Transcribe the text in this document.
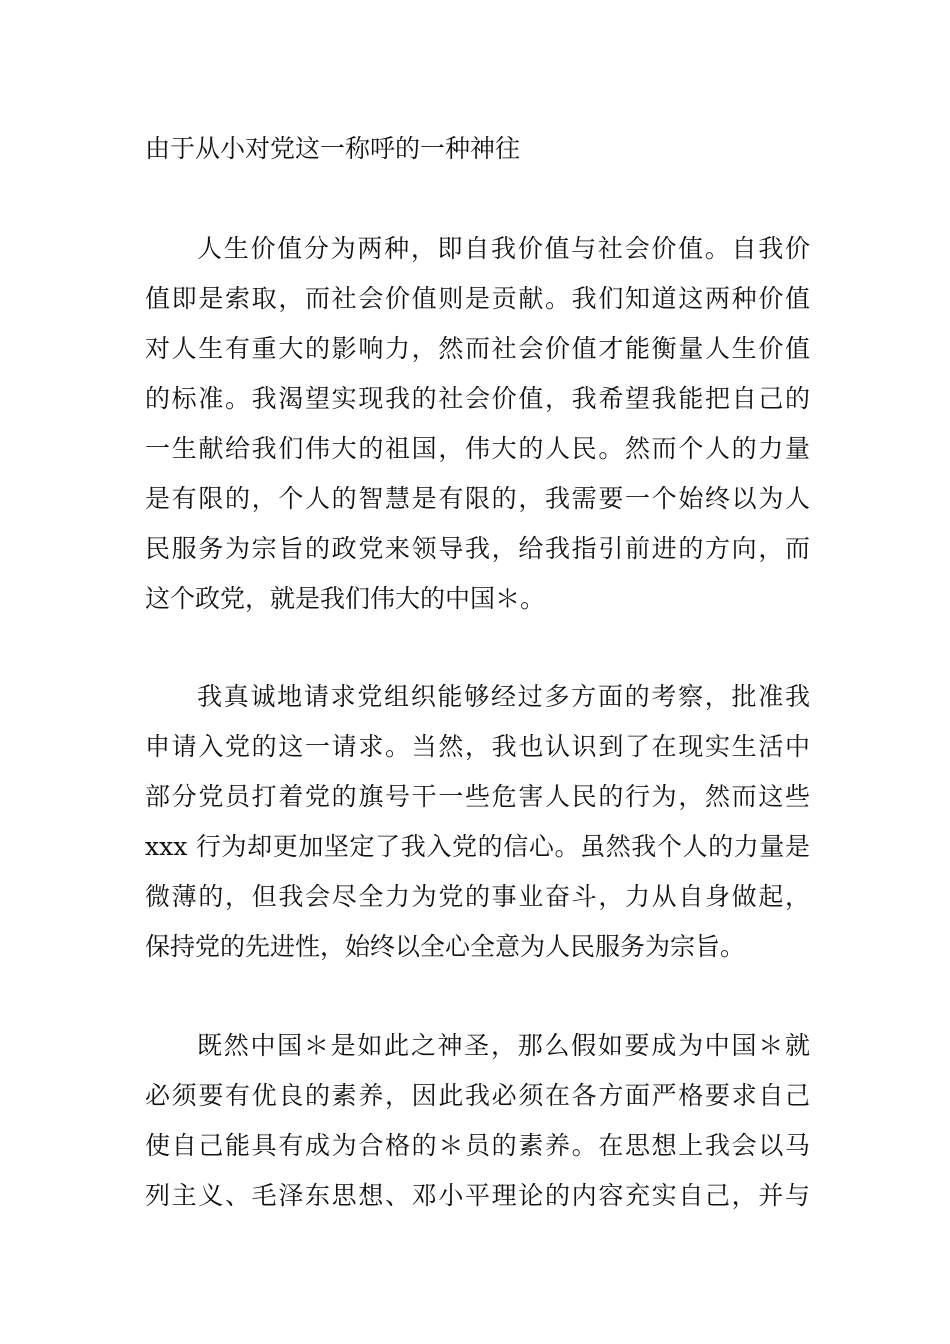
由于从小对党这一称呼的一种神往
人生价值分为两种，即自我价值与社会价值。自我价
值即是索取，而社会价值则是贡献。我们知道这两种价值
对人生有重大的影响力，然而社会价值才能衡量人生价值
的标准。我渴望实现我的社会价值，我希望我能把自己的
一生献给我们伟大的祖国，伟大的人民。然而个人的力量
是有限的，个人的智慧是有限的，我需要一个始终以为人
民服务为宗旨的政党来领导我，给我指引前进的方向，而
这个政党，就是我们伟大的中国＊。
我真诚地请求党组织能够经过多方面的考察，批准我
申请入党的这一请求。当然，我也认识到了在现实生活中
部分党员打着党的旗号干一些危害人民的行为，然而这些
xxx 行为却更加坚定了我入党的信心。虽然我个人的力量是
微薄的，但我会尽全力为党的事业奋斗，力从自身做起，
保持党的先进性，始终以全心全意为人民服务为宗旨。
既然中国＊是如此之神圣，那么假如要成为中国＊就
必须要有优良的素养，因此我必须在各方面严格要求自己
使自己能具有成为合格的＊员的素养。在思想上我会以马
列主义、毛泽东思想、邓小平理论的内容充实自己，并与
